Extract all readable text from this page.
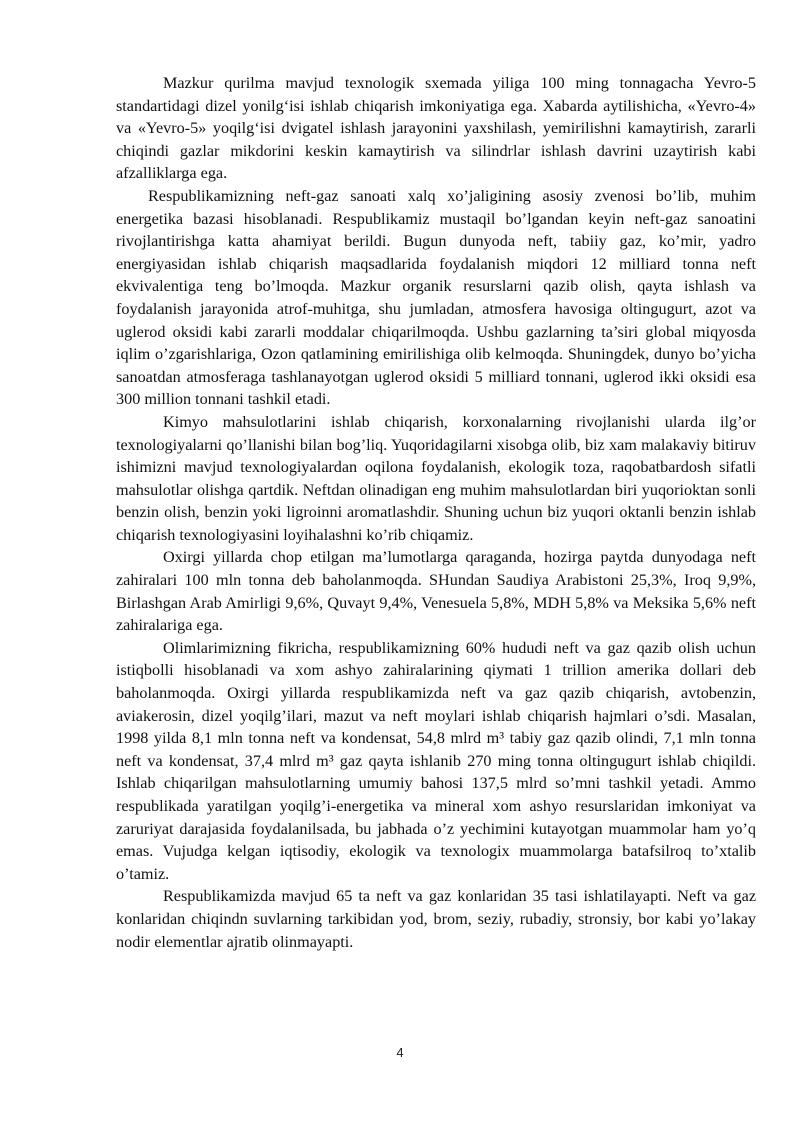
Mazkur qurilma mavjud texnologik sxemada yiliga 100 ming tonnagacha Yevro-5 standartidagi dizel yonilg‘isi ishlab chiqarish imkoniyatiga ega. Xabarda aytilishicha, «Yevro-4» va «Yevro-5» yoqilg‘isi dvigatel ishlash jarayonini yaxshilash, yemirilishni kamaytirish, zararli chiqindi gazlar mikdorini keskin kamaytirish va silindrlar ishlash davrini uzaytirish kabi afzalliklarga ega.

Respublikamizning neft-gaz sanoati xalq xo’jaligining asosiy zvenosi bo’lib, muhim energetika bazasi hisoblanadi. Respublikamiz mustaqil bo’lgandan keyin neft-gaz sanoatini rivojlantirishga katta ahamiyat berildi. Bugun dunyoda neft, tabiiy gaz, ko’mir, yadro energiyasidan ishlab chiqarish maqsadlarida foydalanish miqdori 12 milliard tonna neft ekvivalentiga teng bo’lmoqda. Mazkur organik resurslarni qazib olish, qayta ishlash va foydalanish jarayonida atrof-muhitga, shu jumladan, atmosfera havosiga oltingugurt, azot va uglerod oksidi kabi zararli moddalar chiqarilmoqda. Ushbu gazlarning ta’siri global miqyosda iqlim o’zgarishlariga, Ozon qatlamining emirilishiga olib kelmoqda. Shuningdek, dunyo bo’yicha sanoatdan atmosferaga tashlanayotgan uglerod oksidi 5 milliard tonnani, uglerod ikki oksidi esa 300 million tonnani tashkil etadi.

Kimyo mahsulotlarini ishlab chiqarish, korxonalarning rivojlanishi ularda ilg’or texnologiyalarni qo’llanishi bilan bog’liq. Yuqoridagilarni xisobga olib, biz xam malakaviy bitiruv ishimizni mavjud texnologiyalardan oqilona foydalanish, ekologik toza, raqobatbardosh sifatli mahsulotlar olishga qartdik. Neftdan olinadigan eng muhim mahsulotlardan biri yuqorioktan sonli benzin olish, benzin yoki ligroinni aromatlashdir. Shuning uchun biz yuqori oktanli benzin ishlab chiqarish texnologiyasini loyihalashni ko’rib chiqamiz.

Oxirgi yillarda chop etilgan ma’lumotlarga qaraganda, hozirga paytda dunyodaga neft zahiralari 100 mln tonna deb baholanmoqda. SHundan Saudiya Arabistoni 25,3%, Iroq 9,9%, Birlashgan Arab Amirligi 9,6%, Quvayt 9,4%, Venesuela 5,8%, MDH 5,8% va Meksika 5,6% neft zahiralariga ega.

Olimlarimizning fikricha, respublikamizning 60% hududi neft va gaz qazib olish uchun istiqbolli hisoblanadi va xom ashyo zahiralarining qiymati 1 trillion amerika dollari deb baholanmoqda. Oxirgi yillarda respublikamizda neft va gaz qazib chiqarish, avtobenzin, aviakerosin, dizel yoqilg’ilari, mazut va neft moylari ishlab chiqarish hajmlari o’sdi. Masalan, 1998 yilda 8,1 mln tonna neft va kondensat, 54,8 mlrd m³ tabiy gaz qazib olindi, 7,1 mln tonna neft va kondensat, 37,4 mlrd m³ gaz qayta ishlanib 270 ming tonna oltingugurt ishlab chiqildi. Ishlab chiqarilgan mahsulotlarning umumiy bahosi 137,5 mlrd so’mni tashkil yetadi. Ammo respublikada yaratilgan yoqilg’i-energetika va mineral xom ashyo resurslaridan imkoniyat va zaruriyat darajasida foydalanilsada, bu jabhada o’z yechimini kutayotgan muammolar ham yo’q emas. Vujudga kelgan iqtisodiy, ekologik va texnologix muammolarga batafsilroq to’xtalib o’tamiz.

Respublikamizda mavjud 65 ta neft va gaz konlaridan 35 tasi ishlatilayapti. Neft va gaz konlaridan chiqindn suvlarning tarkibidan yod, brom, seziy, rubadiy, stronsiy, bor kabi yo’lakay nodir elementlar ajratib olinmayapti.

4
